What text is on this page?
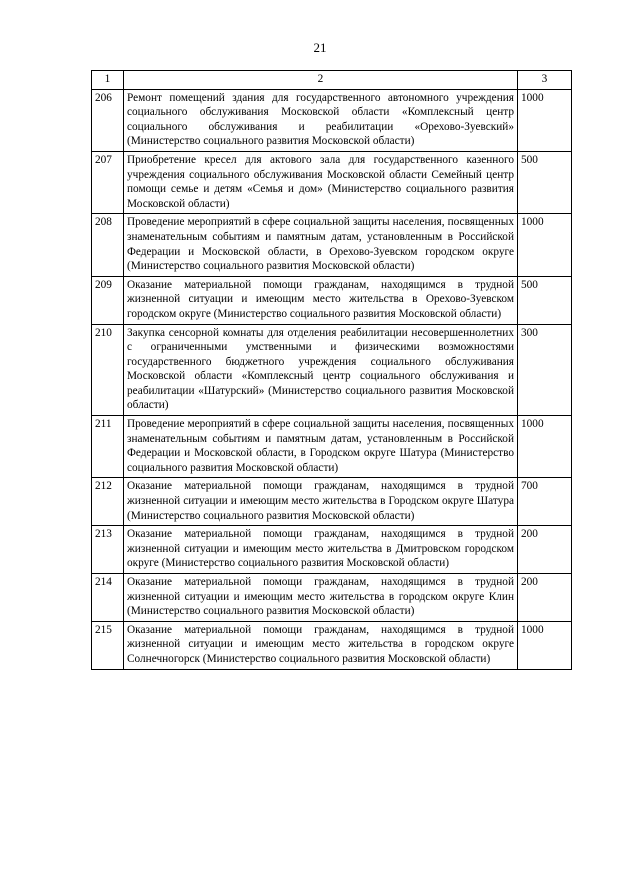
21
1	2	3
206	Ремонт помещений здания для государственного автономного учреждения социального обслуживания Московской области «Комплексный центр социального обслуживания и реабилитации «Орехово-Зуевский» (Министерство социального развития Московской области)	1000
207	Приобретение кресел для актового зала для государственного казенного учреждения социального обслуживания Московской области Семейный центр помощи семье и детям «Семья и дом» (Министерство социального развития Московской области)	500
208	Проведение мероприятий в сфере социальной защиты населения, посвященных знаменательным событиям и памятным датам, установленным в Российской Федерации и Московской области, в Орехово-Зуевском городском округе (Министерство социального развития Московской области)	1000
209	Оказание материальной помощи гражданам, находящимся в трудной жизненной ситуации и имеющим место жительства в Орехово-Зуевском городском округе (Министерство социального развития Московской области)	500
210	Закупка сенсорной комнаты для отделения реабилитации несовершеннолетних с ограниченными умственными и физическими возможностями государственного бюджетного учреждения социального обслуживания Московской области «Комплексный центр социального обслуживания и реабилитации «Шатурский» (Министерство социального развития Московской области)	300
211	Проведение мероприятий в сфере социальной защиты населения, посвященных знаменательным событиям и памятным датам, установленным в Российской Федерации и Московской области, в Городском округе Шатура (Министерство социального развития Московской области)	1000
212	Оказание материальной помощи гражданам, находящимся в трудной жизненной ситуации и имеющим место жительства в Городском округе Шатура (Министерство социального развития Московской области)	700
213	Оказание материальной помощи гражданам, находящимся в трудной жизненной ситуации и имеющим место жительства в Дмитровском городском округе (Министерство социального развития Московской области)	200
214	Оказание материальной помощи гражданам, находящимся в трудной жизненной ситуации и имеющим место жительства в городском округе Клин (Министерство социального развития Московской области)	200
215	Оказание материальной помощи гражданам, находящимся в трудной жизненной ситуации и имеющим место жительства в городском округе Солнечногорск (Министерство социального развития Московской области)	1000
